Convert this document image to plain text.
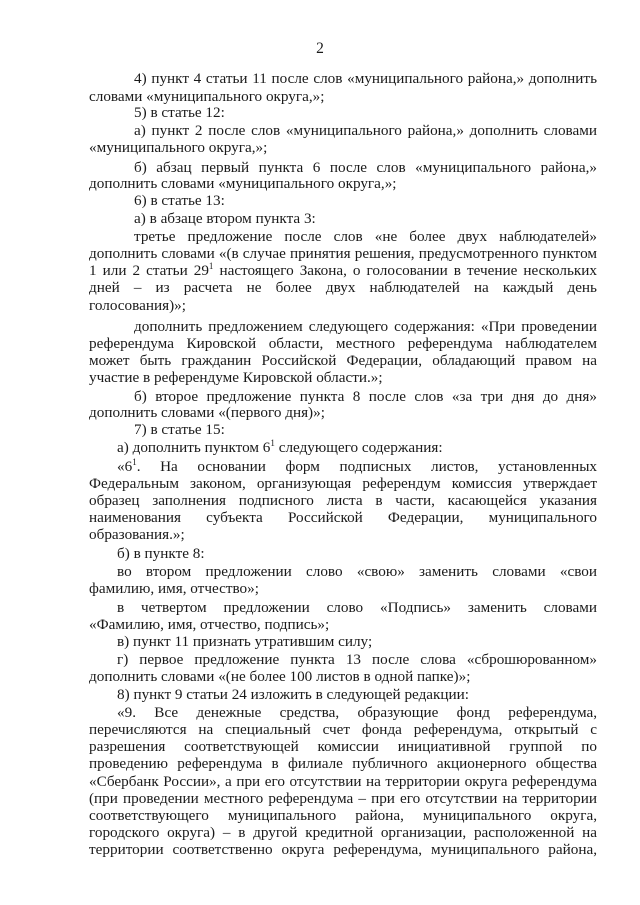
2
4) пункт 4 статьи 11 после слов «муниципального района,» дополнить
словами «муниципального округа,»;
5) в статье 12:
а) пункт 2 после слов «муниципального района,» дополнить словами
«муниципального округа,»;
б) абзац первый пункта 6 после слов «муниципального района,»
дополнить словами «муниципального округа,»;
6) в статье 13:
а) в абзаце втором пункта 3:
третье предложение после слов «не более двух наблюдателей»
дополнить словами «(в случае принятия решения, предусмотренного пунктом
1 или 2 статьи $29^1$ настоящего Закона, о голосовании в течение нескольких
дней – из расчета не более двух наблюдателей на каждый день
голосования)»;
дополнить предложением следующего содержания: «При проведении
референдума Кировской области, местного референдума наблюдателем
может быть гражданин Российской Федерации, обладающий правом на
участие в референдуме Кировской области.»;
б) второе предложение пункта 8 после слов «за три дня до дня»
дополнить словами «(первого дня)»;
7) в статье 15:
а) дополнить пунктом $6^1$ следующего содержания:
«$6^1$. На основании форм подписных листов, установленных
Федеральным законом, организующая референдум комиссия утверждает
образец заполнения подписного листа в части, касающейся указания
наименования субъекта Российской Федерации, муниципального
образования.»;
б) в пункте 8:
во втором предложении слово «свою» заменить словами «свои
фамилию, имя, отчество»;
в четвертом предложении слово «Подпись» заменить словами
«Фамилию, имя, отчество, подпись»;
в) пункт 11 признать утратившим силу;
г) первое предложение пункта 13 после слова «сброшюрованном»
дополнить словами «(не более 100 листов в одной папке)»;
8) пункт 9 статьи 24 изложить в следующей редакции:
«9. Все денежные средства, образующие фонд референдума,
перечисляются на специальный счет фонда референдума, открытый с
разрешения соответствующей комиссии инициативной группой по
проведению референдума в филиале публичного акционерного общества
«Сбербанк России», а при его отсутствии на территории округа референдума
(при проведении местного референдума – при его отсутствии на территории
соответствующего муниципального района, муниципального округа,
городского округа) – в другой кредитной организации, расположенной на
территории соответственно округа референдума, муниципального района,
